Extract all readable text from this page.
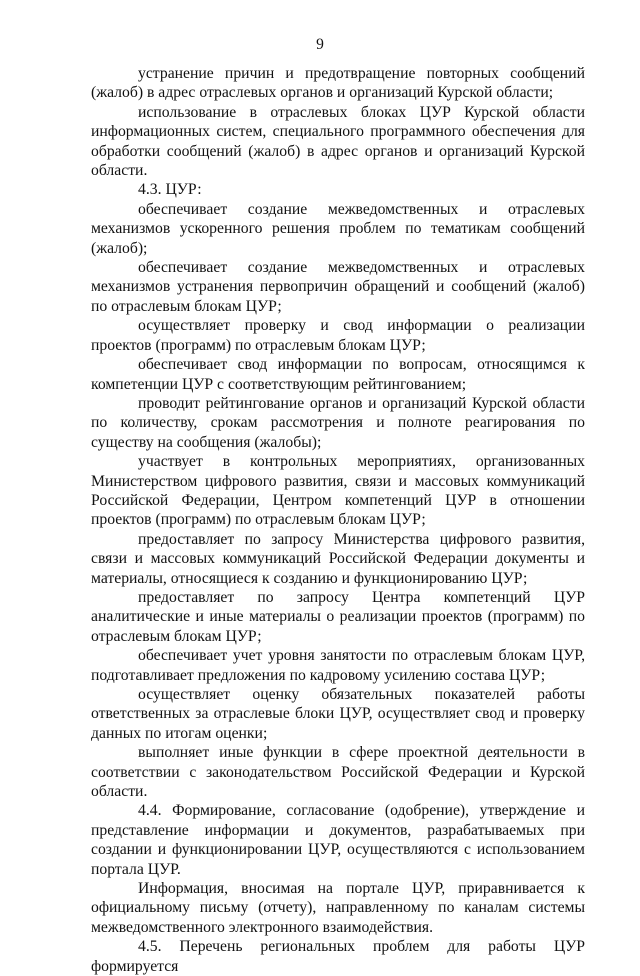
9

устранение причин и предотвращение повторных сообщений (жалоб) в адрес отраслевых органов и организаций Курской области;

использование в отраслевых блоках ЦУР Курской области информационных систем, специального программного обеспечения для обработки сообщений (жалоб) в адрес органов и организаций Курской области.

4.3. ЦУР:

обеспечивает создание межведомственных и отраслевых механизмов ускоренного решения проблем по тематикам сообщений (жалоб);

обеспечивает создание межведомственных и отраслевых механизмов устранения первопричин обращений и сообщений (жалоб) по отраслевым блокам ЦУР;

осуществляет проверку и свод информации о реализации проектов (программ) по отраслевым блокам ЦУР;

обеспечивает свод информации по вопросам, относящимся к компетенции ЦУР с соответствующим рейтингованием;

проводит рейтингование органов и организаций Курской области по количеству, срокам рассмотрения и полноте реагирования по существу на сообщения (жалобы);

участвует в контрольных мероприятиях, организованных Министерством цифрового развития, связи и массовых коммуникаций Российской Федерации, Центром компетенций ЦУР в отношении проектов (программ) по отраслевым блокам ЦУР;

предоставляет по запросу Министерства цифрового развития, связи и массовых коммуникаций Российской Федерации документы и материалы, относящиеся к созданию и функционированию ЦУР;

предоставляет по запросу Центра компетенций ЦУР аналитические и иные материалы о реализации проектов (программ) по отраслевым блокам ЦУР;

обеспечивает учет уровня занятости по отраслевым блокам ЦУР, подготавливает предложения по кадровому усилению состава ЦУР;

осуществляет оценку обязательных показателей работы ответственных за отраслевые блоки ЦУР, осуществляет свод и проверку данных по итогам оценки;

выполняет иные функции в сфере проектной деятельности в соответствии с законодательством Российской Федерации и Курской области.

4.4. Формирование, согласование (одобрение), утверждение и представление информации и документов, разрабатываемых при создании и функционировании ЦУР, осуществляются с использованием портала ЦУР.

Информация, вносимая на портале ЦУР, приравнивается к официальному письму (отчету), направленному по каналам системы межведомственного электронного взаимодействия.

4.5. Перечень региональных проблем для работы ЦУР формируется
